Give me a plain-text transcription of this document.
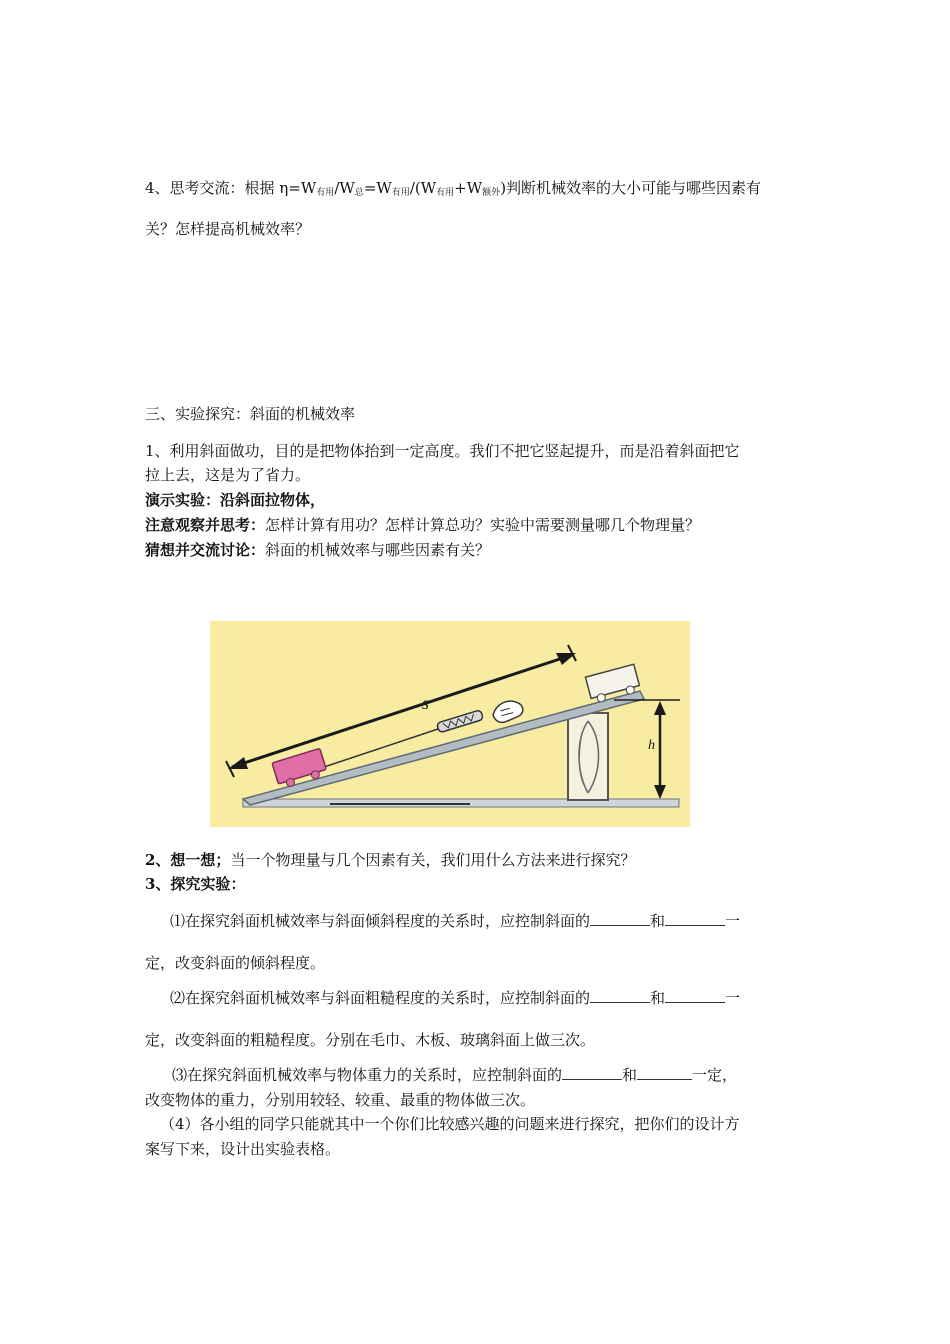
4、思考交流：根据 $\eta=W_{有用}/W_总=W_{有用}/(W_{有用}+W_{额外})$判断机械效率的大小可能与哪些因素有
关？怎样提高机械效率？
三、实验探究：斜面的机械效率
1、利用斜面做功，目的是把物体抬到一定高度。我们不把它竖起提升，而是沿着斜面把它
拉上去，这是为了省力。
演示实验：沿斜面拉物体，
注意观察并思考：怎样计算有用功？怎样计算总功？实验中需要测量哪几个物理量？
猜想并交流讨论：斜面的机械效率与哪些因素有关？
s
h
2、想一想；当一个物理量与几个因素有关，我们用什么方法来进行探究？
3、探究实验：
⑴在探究斜面机械效率与斜面倾斜程度的关系时，应控制斜面的	和	一
定，改变斜面的倾斜程度。
⑵在探究斜面机械效率与斜面粗糙程度的关系时，应控制斜面的	和	一
定，改变斜面的粗糙程度。分别在毛巾、木板、玻璃斜面上做三次。
⑶在探究斜面机械效率与物体重力的关系时，应控制斜面的	和	一定，
改变物体的重力，分别用较轻、较重、最重的物体做三次。
（4）各小组的同学只能就其中一个你们比较感兴趣的问题来进行探究，把你们的设计方
案写下来，设计出实验表格。
